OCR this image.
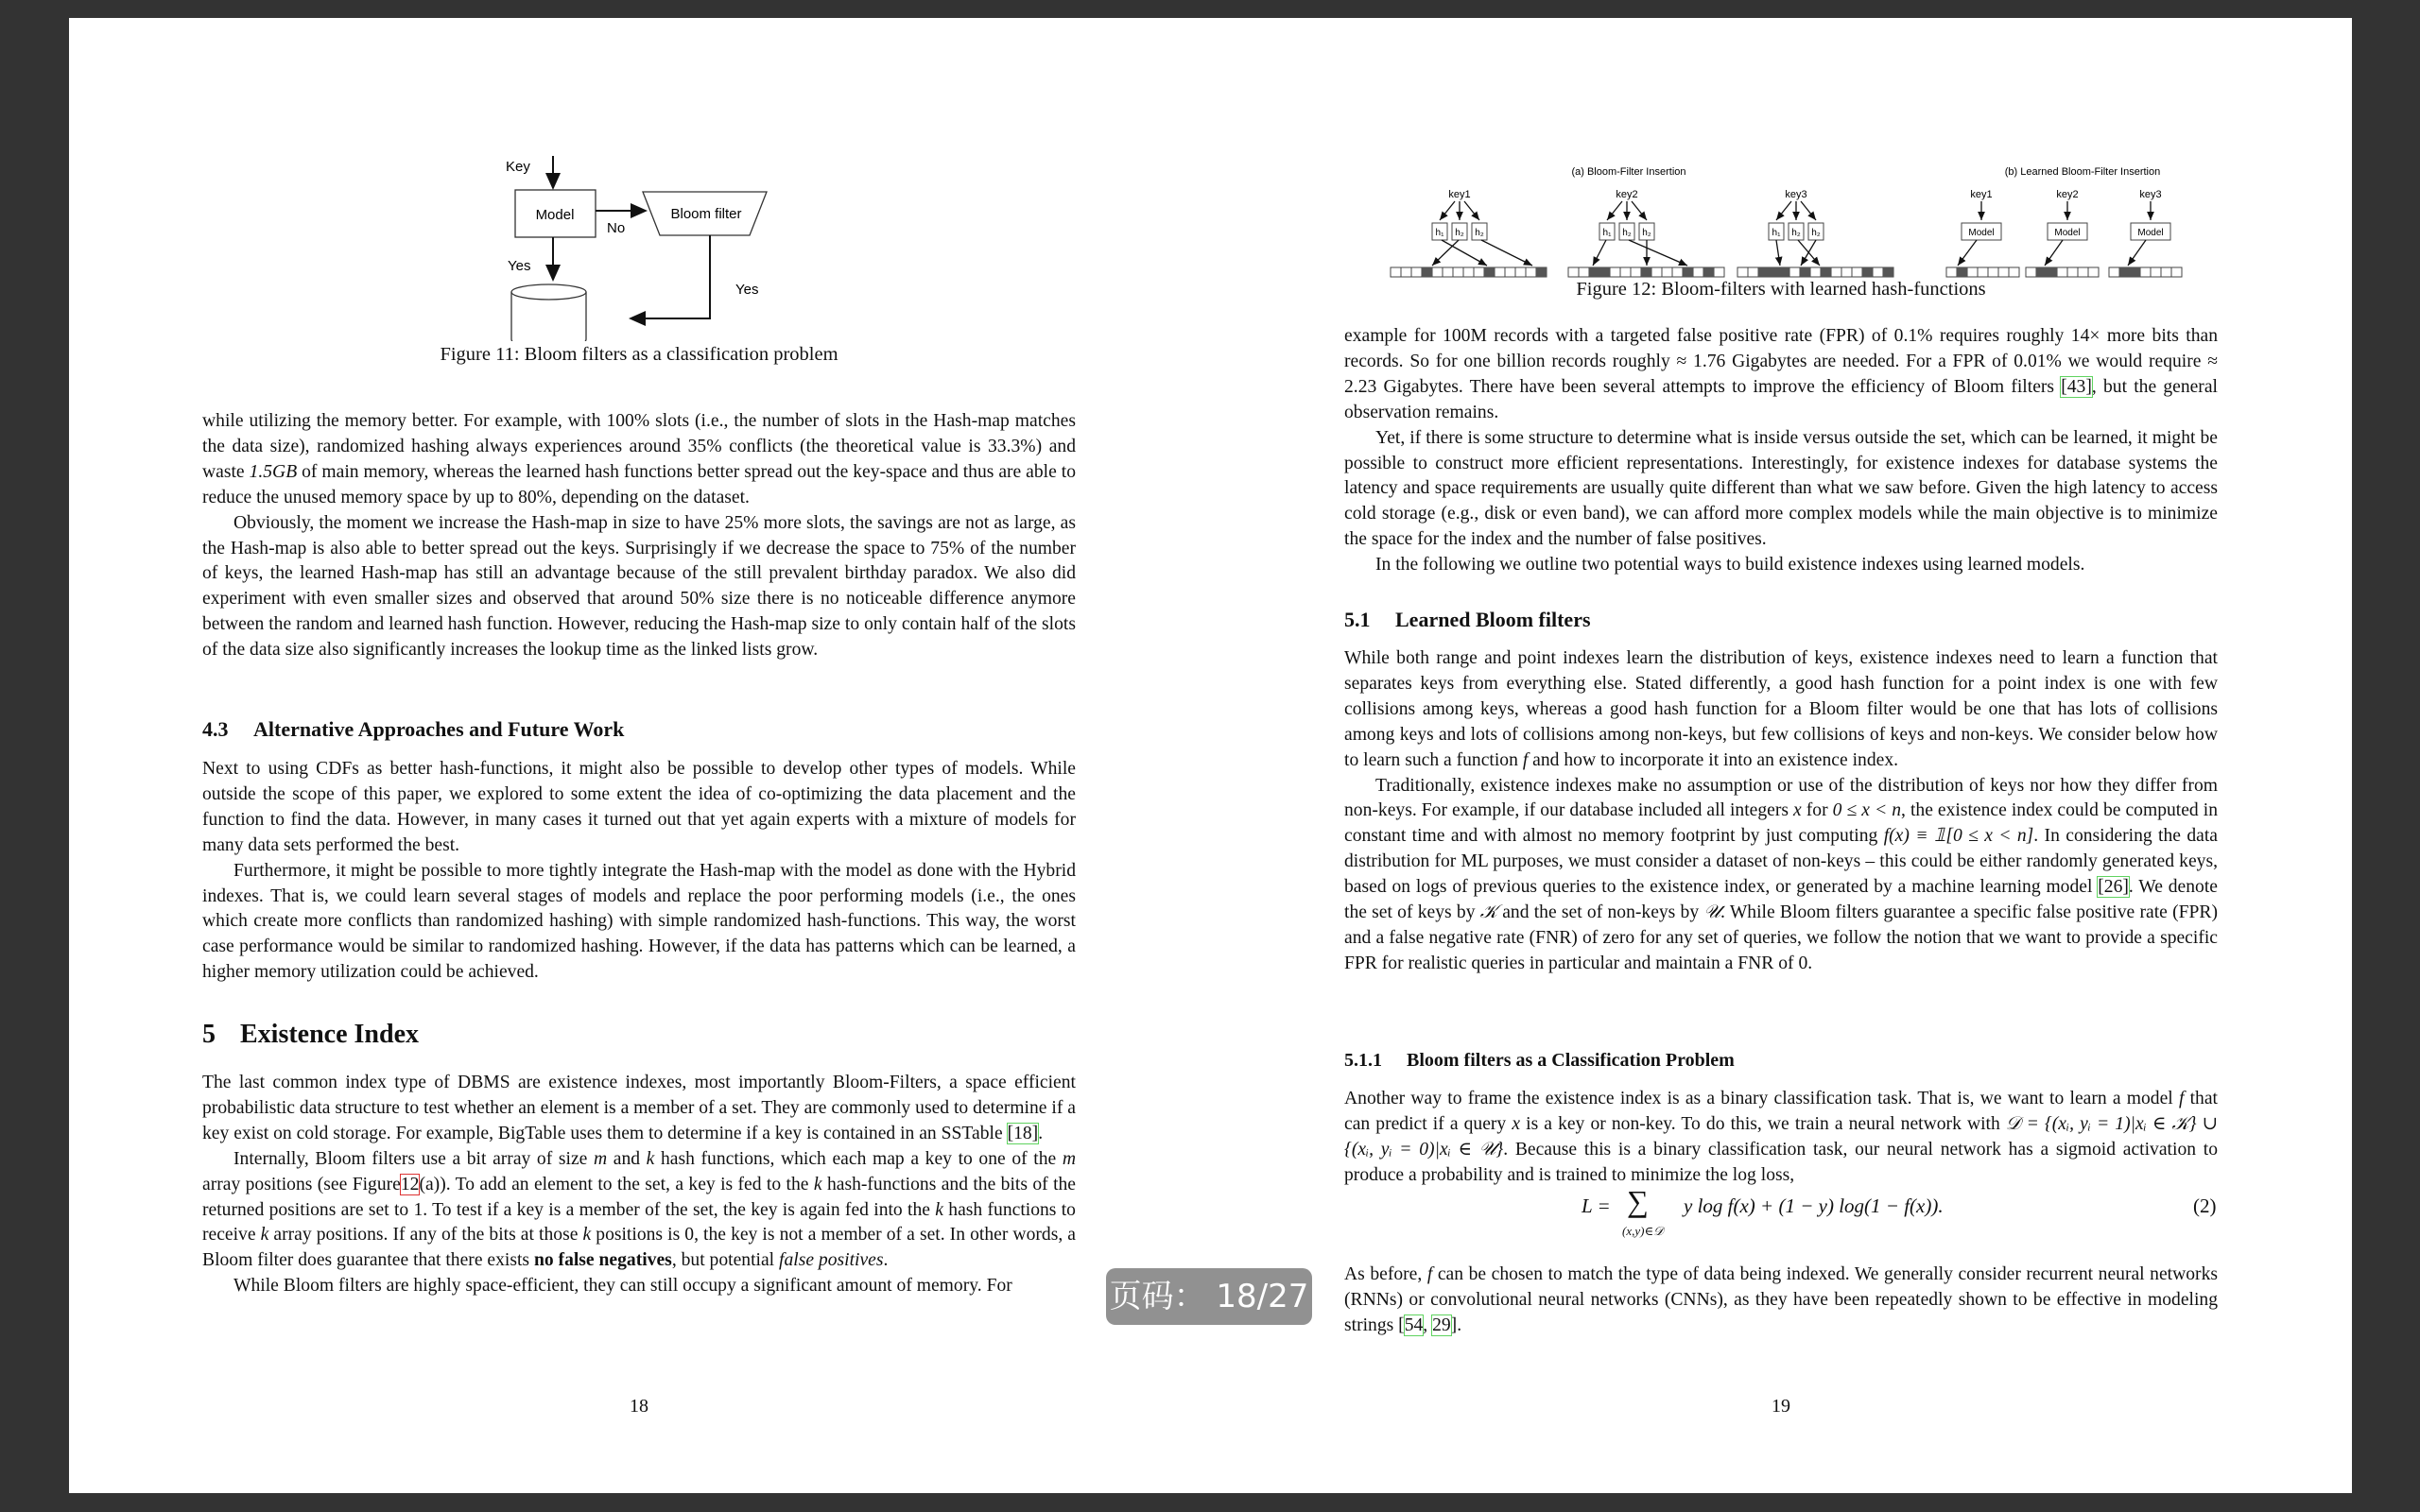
Key
Model
No
Bloom filter
Yes
Yes
Figure 11: Bloom filters as a classification problem

while utilizing the memory better. For example, with 100% slots (i.e., the number of slots in the Hash-map matches the data size), randomized hashing always experiences around 35% conflicts (the theoretical value is 33.3%) and waste 1.5GB of main memory, whereas the learned hash functions better spread out the key-space and thus are able to reduce the unused memory space by up to 80%, depending on the dataset.

Obviously, the moment we increase the Hash-map in size to have 25% more slots, the savings are not as large, as the Hash-map is also able to better spread out the keys. Surprisingly if we decrease the space to 75% of the number of keys, the learned Hash-map has still an advantage because of the still prevalent birthday paradox. We also did experiment with even smaller sizes and observed that around 50% size there is no noticeable difference anymore between the random and learned hash function. However, reducing the Hash-map size to only contain half of the slots of the data size also significantly increases the lookup time as the linked lists grow.

4.3 Alternative Approaches and Future Work

Next to using CDFs as better hash-functions, it might also be possible to develop other types of models. While outside the scope of this paper, we explored to some extent the idea of co-optimizing the data placement and the function to find the data. However, in many cases it turned out that yet again experts with a mixture of models for many data sets performed the best.

Furthermore, it might be possible to more tightly integrate the Hash-map with the model as done with the Hybrid indexes. That is, we could learn several stages of models and replace the poor performing models (i.e., the ones which create more conflicts than randomized hashing) with simple randomized hash-functions. This way, the worst case performance would be similar to randomized hashing. However, if the data has patterns which can be learned, a higher memory utilization could be achieved.

5 Existence Index

The last common index type of DBMS are existence indexes, most importantly Bloom-Filters, a space efficient probabilistic data structure to test whether an element is a member of a set. They are commonly used to determine if a key exist on cold storage. For example, BigTable uses them to determine if a key is contained in an SSTable [18].

Internally, Bloom filters use a bit array of size m and k hash functions, which each map a key to one of the m array positions (see Figure12(a)). To add an element to the set, a key is fed to the k hash-functions and the bits of the returned positions are set to 1. To test if a key is a member of the set, the key is again fed into the k hash functions to receive k array positions. If any of the bits at those k positions is 0, the key is not a member of a set. In other words, a Bloom filter does guarantee that there exists no false negatives, but potential false positives.

While Bloom filters are highly space-efficient, they can still occupy a significant amount of memory. For

18
(a) Bloom-Filter Insertion	(b) Learned Bloom-Filter Insertion
key1
h₁ h₂ h₂
key2
h₁ h₂ h₂
key3
h₁ h₂ h₂
key1
Model
key2
Model
key3
Model
Figure 12: Bloom-filters with learned hash-functions

example for 100M records with a targeted false positive rate (FPR) of 0.1% requires roughly 14× more bits than records. So for one billion records roughly ≈ 1.76 Gigabytes are needed. For a FPR of 0.01% we would require ≈ 2.23 Gigabytes. There have been several attempts to improve the efficiency of Bloom filters [43], but the general observation remains.

Yet, if there is some structure to determine what is inside versus outside the set, which can be learned, it might be possible to construct more efficient representations. Interestingly, for existence indexes for database systems the latency and space requirements are usually quite different than what we saw before. Given the high latency to access cold storage (e.g., disk or even band), we can afford more complex models while the main objective is to minimize the space for the index and the number of false positives.

In the following we outline two potential ways to build existence indexes using learned models.

5.1 Learned Bloom filters

While both range and point indexes learn the distribution of keys, existence indexes need to learn a function that separates keys from everything else. Stated differently, a good hash function for a point index is one with few collisions among keys, whereas a good hash function for a Bloom filter would be one that has lots of collisions among keys and lots of collisions among non-keys, but few collisions of keys and non-keys. We consider below how to learn such a function f and how to incorporate it into an existence index.

Traditionally, existence indexes make no assumption or use of the distribution of keys nor how they differ from non-keys. For example, if our database included all integers x for 0 ≤ x < n, the existence index could be computed in constant time and with almost no memory footprint by just computing f(x) ≡ 𝟙[0 ≤ x < n]. In considering the data distribution for ML purposes, we must consider a dataset of non-keys – this could be either randomly generated keys, based on logs of previous queries to the existence index, or generated by a machine learning model [26]. We denote the set of keys by 𝒦 and the set of non-keys by 𝒰. While Bloom filters guarantee a specific false positive rate (FPR) and a false negative rate (FNR) of zero for any set of queries, we follow the notion that we want to provide a specific FPR for realistic queries in particular and maintain a FNR of 0.

5.1.1 Bloom filters as a Classification Problem

Another way to frame the existence index is as a binary classification task. That is, we want to learn a model f that can predict if a query x is a key or non-key. To do this, we train a neural network with 𝒟 = {(xᵢ, yᵢ = 1)|xᵢ ∈ 𝒦} ∪ {(xᵢ, yᵢ = 0)|xᵢ ∈ 𝒰}. Because this is a binary classification task, our neural network has a sigmoid activation to produce a probability and is trained to minimize the log loss,

L = ∑
(x,y)∈𝒟
y log f(x) + (1 − y) log(1 − f(x)).	(2)

As before, f can be chosen to match the type of data being indexed. We generally consider recurrent neural networks (RNNs) or convolutional neural networks (CNNs), as they have been repeatedly shown to be effective in modeling strings [54, 29].

19
页码： 18/27
